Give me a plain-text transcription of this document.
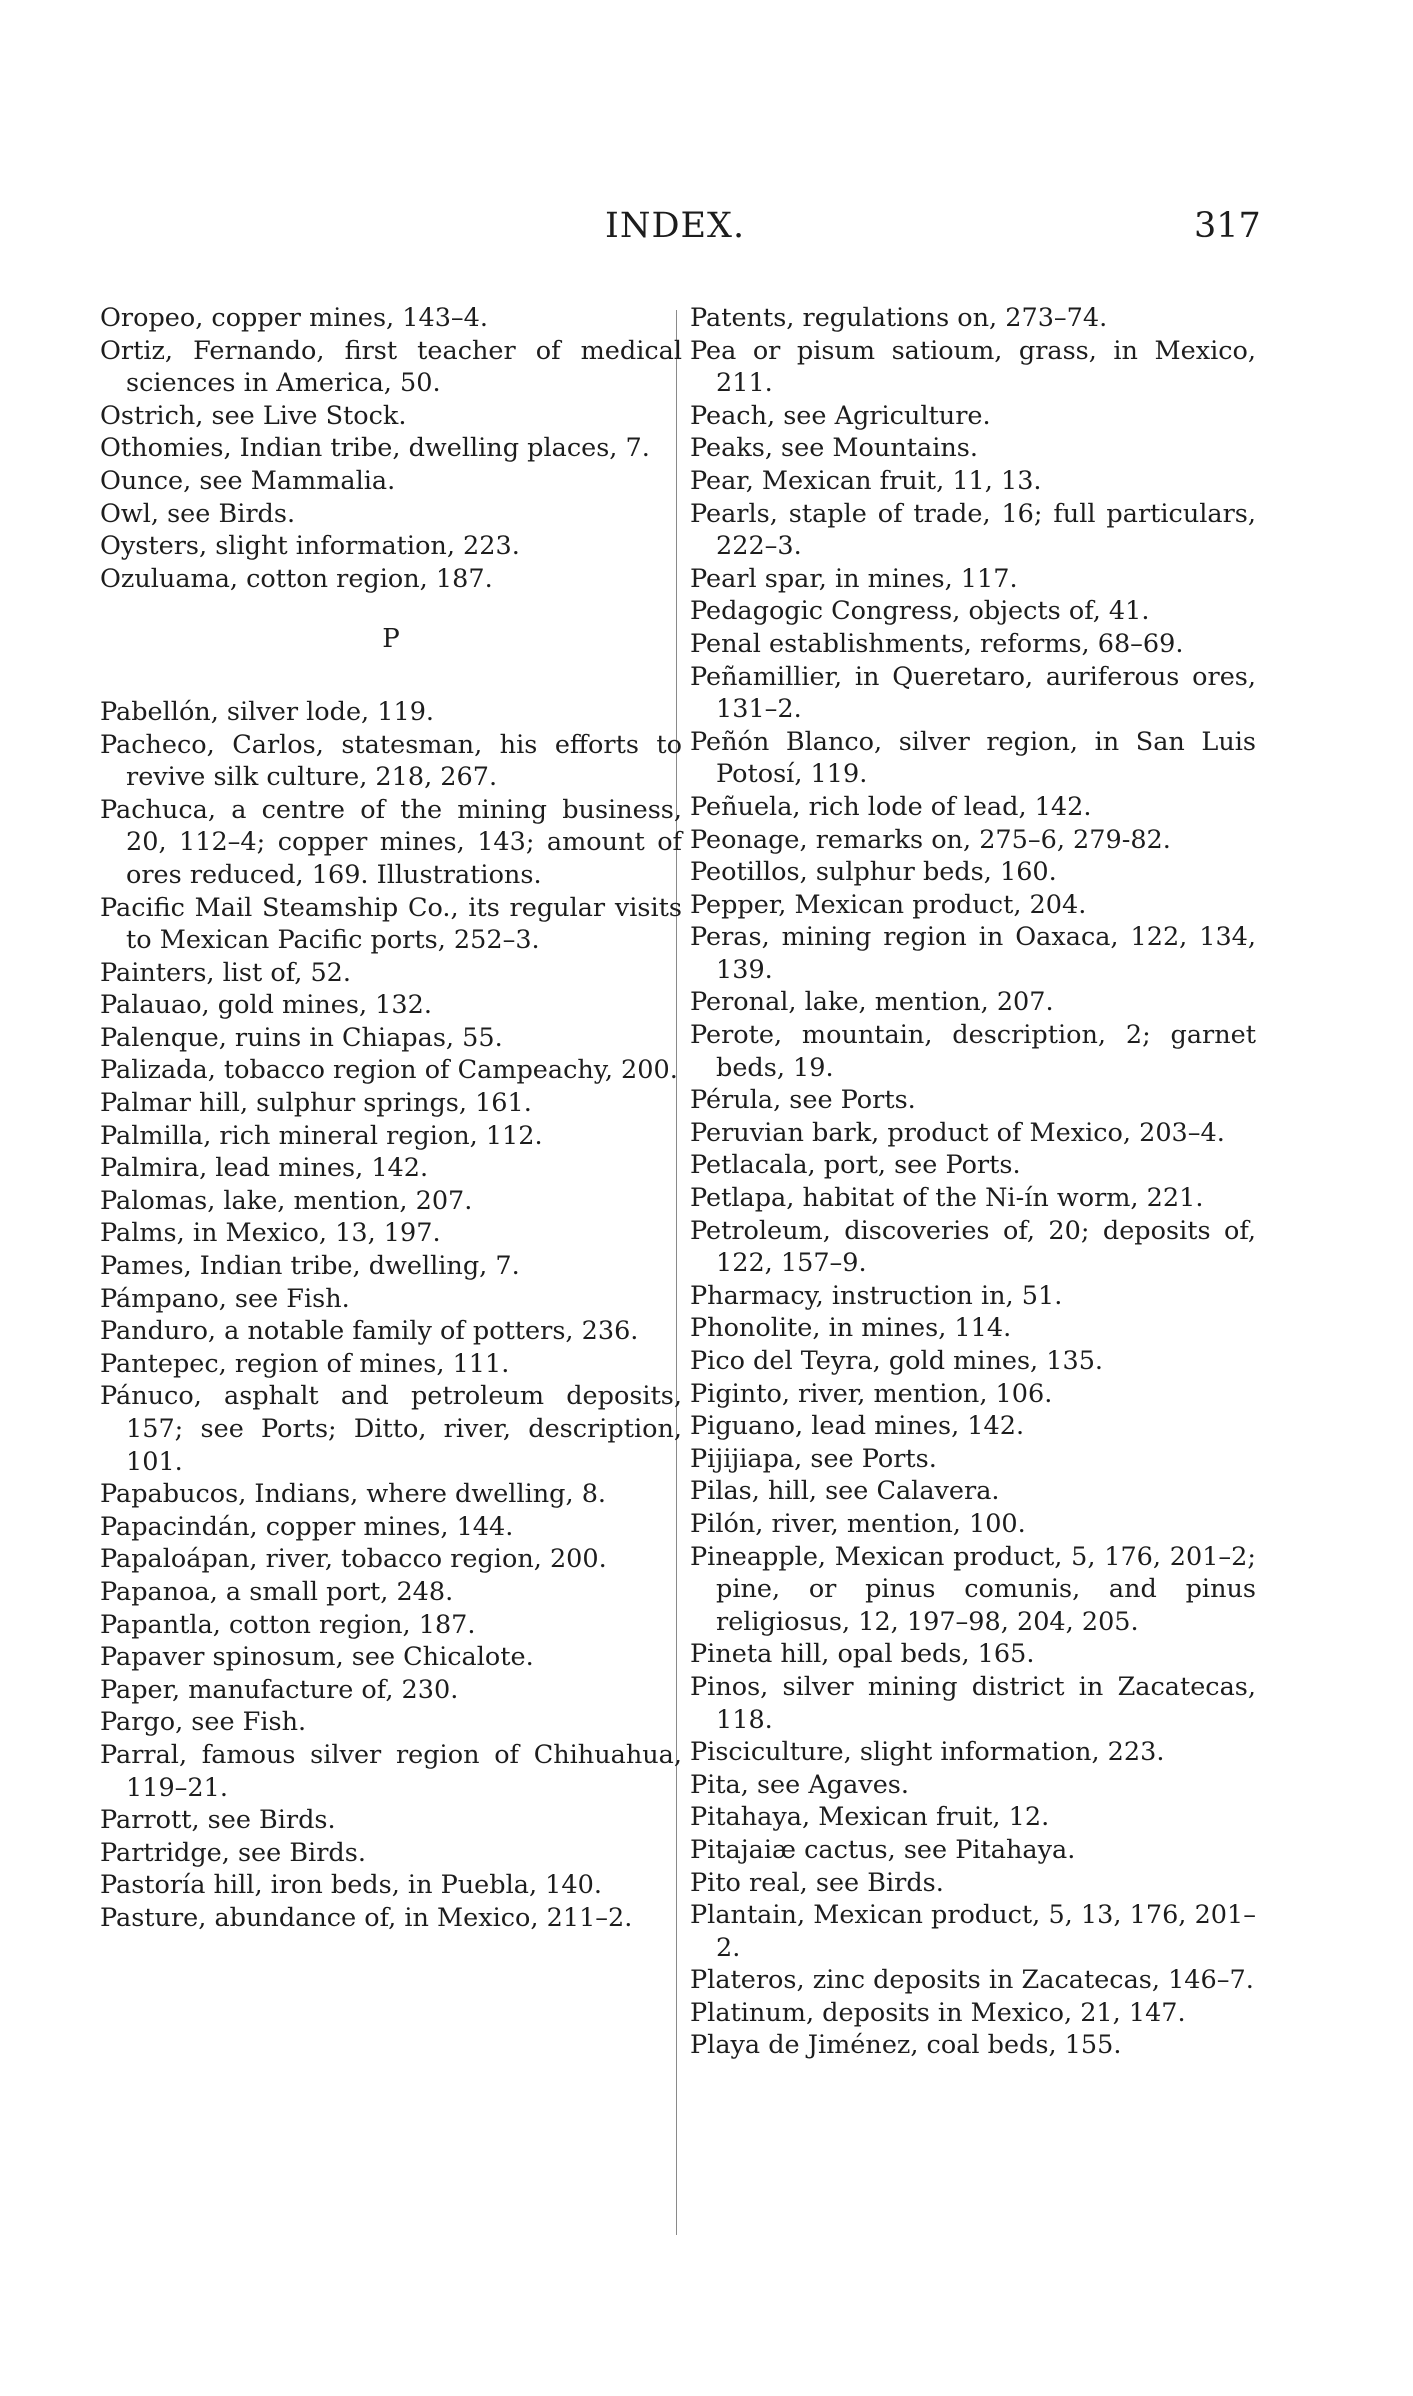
INDEX.	317

Oropeo, copper mines, 143–4.

Ortiz, Fernando, first teacher of medical sciences in America, 50.

Ostrich, see Live Stock.

Othomies, Indian tribe, dwelling places, 7.

Ounce, see Mammalia.

Owl, see Birds.

Oysters, slight information, 223.

Ozuluama, cotton region, 187.

P

Pabellón, silver lode, 119.

Pacheco, Carlos, statesman, his efforts to revive silk culture, 218, 267.

Pachuca, a centre of the mining business, 20, 112–4; copper mines, 143; amount of ores reduced, 169. Illustrations.

Pacific Mail Steamship Co., its regular visits to Mexican Pacific ports, 252–3.

Painters, list of, 52.

Palauao, gold mines, 132.

Palenque, ruins in Chiapas, 55.

Palizada, tobacco region of Campeachy, 200.

Palmar hill, sulphur springs, 161.

Palmilla, rich mineral region, 112.

Palmira, lead mines, 142.

Palomas, lake, mention, 207.

Palms, in Mexico, 13, 197.

Pames, Indian tribe, dwelling, 7.

Pámpano, see Fish.

Panduro, a notable family of potters, 236.

Pantepec, region of mines, 111.

Pánuco, asphalt and petroleum deposits, 157; see Ports; Ditto, river, description, 101.

Papabucos, Indians, where dwelling, 8.

Papacindán, copper mines, 144.

Papaloápan, river, tobacco region, 200.

Papanoa, a small port, 248.

Papantla, cotton region, 187.

Papaver spinosum, see Chicalote.

Paper, manufacture of, 230.

Pargo, see Fish.

Parral, famous silver region of Chihuahua, 119–21.

Parrott, see Birds.

Partridge, see Birds.

Pastoría hill, iron beds, in Puebla, 140.

Pasture, abundance of, in Mexico, 211–2.

Patents, regulations on, 273–74.

Pea or pisum satioum, grass, in Mexico, 211.

Peach, see Agriculture.

Peaks, see Mountains.

Pear, Mexican fruit, 11, 13.

Pearls, staple of trade, 16; full particulars, 222–3.

Pearl spar, in mines, 117.

Pedagogic Congress, objects of, 41.

Penal establishments, reforms, 68–69.

Peñamillier, in Queretaro, auriferous ores, 131–2.

Peñón Blanco, silver region, in San Luis Potosí, 119.

Peñuela, rich lode of lead, 142.

Peonage, remarks on, 275–6, 279-82.

Peotillos, sulphur beds, 160.

Pepper, Mexican product, 204.

Peras, mining region in Oaxaca, 122, 134, 139.

Peronal, lake, mention, 207.

Perote, mountain, description, 2; garnet beds, 19.

Pérula, see Ports.

Peruvian bark, product of Mexico, 203–4.

Petlacala, port, see Ports.

Petlapa, habitat of the Ni-ín worm, 221.

Petroleum, discoveries of, 20; deposits of, 122, 157–9.

Pharmacy, instruction in, 51.

Phonolite, in mines, 114.

Pico del Teyra, gold mines, 135.

Piginto, river, mention, 106.

Piguano, lead mines, 142.

Pijijiapa, see Ports.

Pilas, hill, see Calavera.

Pilón, river, mention, 100.

Pineapple, Mexican product, 5, 176, 201–2; pine, or pinus comunis, and pinus religiosus, 12, 197–98, 204, 205.

Pineta hill, opal beds, 165.

Pinos, silver mining district in Zacatecas, 118.

Pisciculture, slight information, 223.

Pita, see Agaves.

Pitahaya, Mexican fruit, 12.

Pitajaiæ cactus, see Pitahaya.

Pito real, see Birds.

Plantain, Mexican product, 5, 13, 176, 201–2.

Plateros, zinc deposits in Zacatecas, 146–7.

Platinum, deposits in Mexico, 21, 147.

Playa de Jiménez, coal beds, 155.
